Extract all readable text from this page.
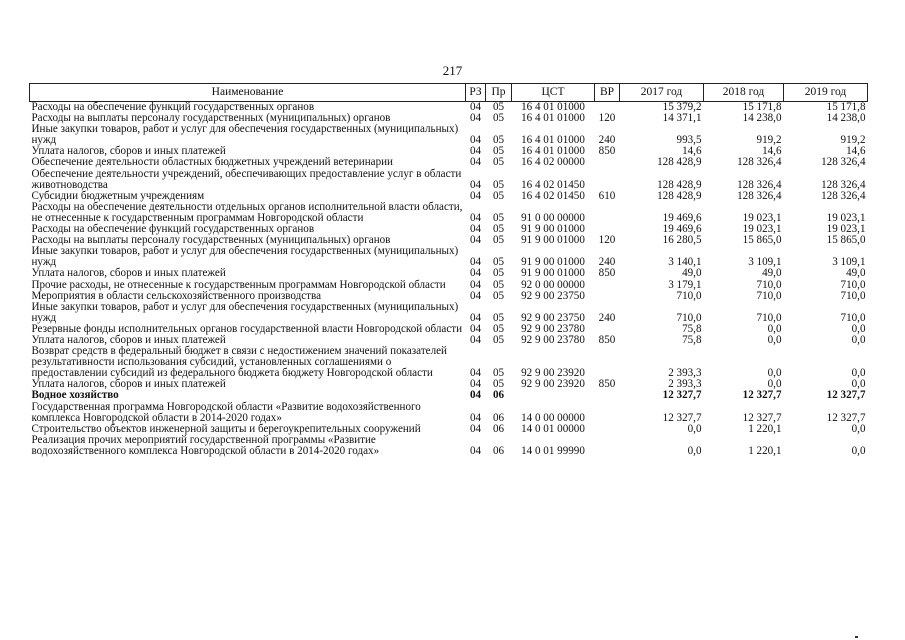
217
Наименование	РЗ	Пр	ЦСТ	ВР	2017 год	2018 год	2019 год
Расходы на обеспечение функций государственных органов	04	05	16 4 01 01000		15 379,2	15 171,8	15 171,8
Расходы на выплаты персоналу государственных (муниципальных) органов	04	05	16 4 01 01000	120	14 371,1	14 238,0	14 238,0
Иные закупки товаров, работ и услуг для обеспечения государственных (муниципальных) нужд	04	05	16 4 01 01000	240	993,5	919,2	919,2
Уплата налогов, сборов и иных платежей	04	05	16 4 01 01000	850	14,6	14,6	14,6
Обеспечение деятельности областных бюджетных учреждений ветеринарии	04	05	16 4 02 00000		128 428,9	128 326,4	128 326,4
Обеспечение деятельности учреждений, обеспечивающих предоставление услуг в области животноводства	04	05	16 4 02 01450		128 428,9	128 326,4	128 326,4
Субсидии бюджетным учреждениям	04	05	16 4 02 01450	610	128 428,9	128 326,4	128 326,4
Расходы на обеспечение деятельности отдельных органов исполнительной власти области, не отнесенные к государственным программам Новгородской области	04	05	91 0 00 00000		19 469,6	19 023,1	19 023,1
Расходы на обеспечение функций государственных органов	04	05	91 9 00 01000		19 469,6	19 023,1	19 023,1
Расходы на выплаты персоналу государственных (муниципальных) органов	04	05	91 9 00 01000	120	16 280,5	15 865,0	15 865,0
Иные закупки товаров, работ и услуг для обеспечения государственных (муниципальных) нужд	04	05	91 9 00 01000	240	3 140,1	3 109,1	3 109,1
Уплата налогов, сборов и иных платежей	04	05	91 9 00 01000	850	49,0	49,0	49,0
Прочие расходы, не отнесенные к государственным программам Новгородской области	04	05	92 0 00 00000		3 179,1	710,0	710,0
Мероприятия в области сельскохозяйственного производства	04	05	92 9 00 23750		710,0	710,0	710,0
Иные закупки товаров, работ и услуг для обеспечения государственных (муниципальных) нужд	04	05	92 9 00 23750	240	710,0	710,0	710,0
Резервные фонды исполнительных органов государственной власти Новгородской области	04	05	92 9 00 23780		75,8	0,0	0,0
Уплата налогов, сборов и иных платежей	04	05	92 9 00 23780	850	75,8	0,0	0,0
Возврат средств в федеральный бюджет в связи с недостижением значений показателей результативности использования субсидий, установленных соглашениями о предоставлении субсидий из федерального бюджета бюджету Новгородской области	04	05	92 9 00 23920		2 393,3	0,0	0,0
Уплата налогов, сборов и иных платежей	04	05	92 9 00 23920	850	2 393,3	0,0	0,0
Водное хозяйство	04	06			12 327,7	12 327,7	12 327,7
Государственная программа Новгородской области «Развитие водохозяйственного комплекса Новгородской области в 2014-2020 годах»	04	06	14 0 00 00000		12 327,7	12 327,7	12 327,7
Строительство объектов инженерной защиты и берегоукрепительных сооружений	04	06	14 0 01 00000		0,0	1 220,1	0,0
Реализация прочих мероприятий государственной программы «Развитие водохозяйственного комплекса Новгородской области в 2014-2020 годах»	04	06	14 0 01 99990		0,0	1 220,1	0,0
